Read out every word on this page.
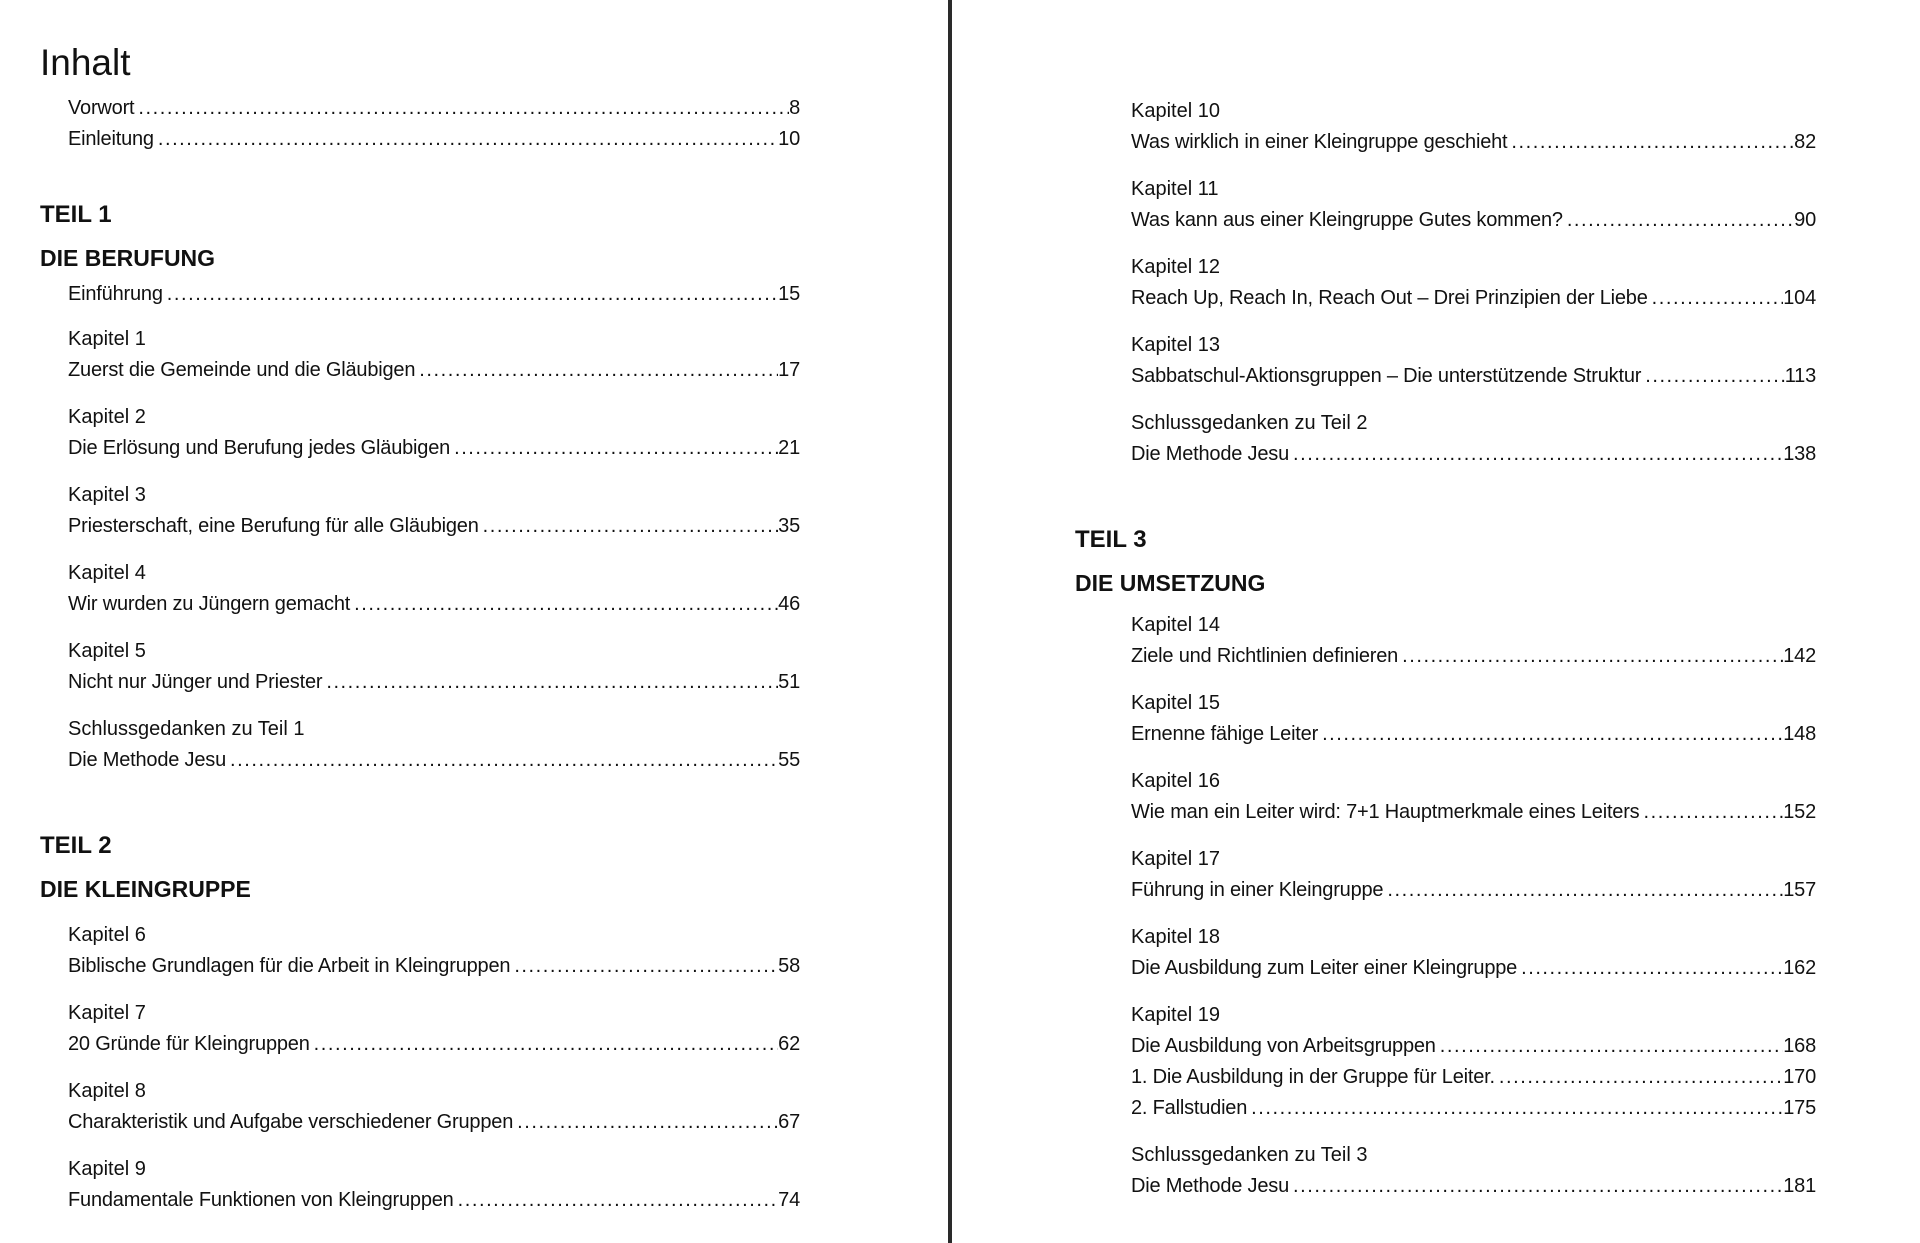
Inhalt
Vorwort . . .	8
Einleitung . . .	10
TEIL 1
DIE BERUFUNG
Einführung . . .	15
Kapitel 1
Zuerst die Gemeinde und die Gläubigen . . .	17
Kapitel 2
Die Erlösung und Berufung jedes Gläubigen . . .	21
Kapitel 3
Priesterschaft, eine Berufung für alle Gläubigen . . .	35
Kapitel 4
Wir wurden zu Jüngern gemacht . . .	46
Kapitel 5
Nicht nur Jünger und Priester . . .	51
Schlussgedanken zu Teil 1
Die Methode Jesu . . .	55
TEIL 2
DIE KLEINGRUPPE
Kapitel 6
Biblische Grundlagen für die Arbeit in Kleingruppen . . .	58
Kapitel 7
20 Gründe für Kleingruppen . . .	62
Kapitel 8
Charakteristik und Aufgabe verschiedener Gruppen . . .	67
Kapitel 9
Fundamentale Funktionen von Kleingruppen . . .	74
Kapitel 10
Was wirklich in einer Kleingruppe geschieht . . .	82
Kapitel 11
Was kann aus einer Kleingruppe Gutes kommen? . . .	90
Kapitel 12
Reach Up, Reach In, Reach Out – Drei Prinzipien der Liebe . . .	104
Kapitel 13
Sabbatschul-Aktionsgruppen – Die unterstützende Struktur . . .	113
Schlussgedanken zu Teil 2
Die Methode Jesu . . .	138
TEIL 3
DIE UMSETZUNG
Kapitel 14
Ziele und Richtlinien definieren . . .	142
Kapitel 15
Ernenne fähige Leiter . . .	148
Kapitel 16
Wie man ein Leiter wird: 7+1 Hauptmerkmale eines Leiters . . .	152
Kapitel 17
Führung in einer Kleingruppe . . .	157
Kapitel 18
Die Ausbildung zum Leiter einer Kleingruppe . . .	162
Kapitel 19
Die Ausbildung von Arbeitsgruppen . . .	168
1. Die Ausbildung in der Gruppe für Leiter. . . .	170
2. Fallstudien . . .	175
Schlussgedanken zu Teil 3
Die Methode Jesu . . .	181
